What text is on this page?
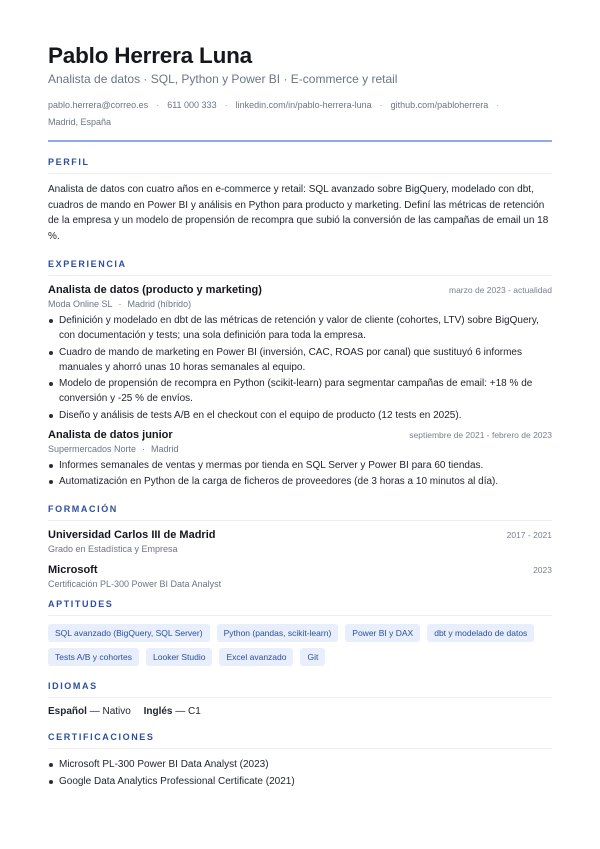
Pablo Herrera Luna
Analista de datos · SQL, Python y Power BI · E-commerce y retail
pablo.herrera@correo.es · 611 000 333 · linkedin.com/in/pablo-herrera-luna · github.com/pabloherrera ·
Madrid, España
PERFIL

Analista de datos con cuatro años en e-commerce y retail: SQL avanzado sobre BigQuery, modelado con dbt, cuadros de mando en Power BI y análisis en Python para producto y marketing. Definí las métricas de retención de la empresa y un modelo de propensión de recompra que subió la conversión de las campañas de email un 18 %.

EXPERIENCIA
Analista de datos (producto y marketing)	marzo de 2023 - actualidad
Moda Online SL · Madrid (híbrido)
Definición y modelado en dbt de las métricas de retención y valor de cliente (cohortes, LTV) sobre BigQuery, con documentación y tests; una sola definición para toda la empresa.
Cuadro de mando de marketing en Power BI (inversión, CAC, ROAS por canal) que sustituyó 6 informes manuales y ahorró unas 10 horas semanales al equipo.
Modelo de propensión de recompra en Python (scikit-learn) para segmentar campañas de email: +18 % de conversión y -25 % de envíos.
Diseño y análisis de tests A/B en el checkout con el equipo de producto (12 tests en 2025).
Analista de datos junior	septiembre de 2021 - febrero de 2023
Supermercados Norte · Madrid
Informes semanales de ventas y mermas por tienda en SQL Server y Power BI para 60 tiendas.
Automatización en Python de la carga de ficheros de proveedores (de 3 horas a 10 minutos al día).
FORMACIÓN
Universidad Carlos III de Madrid	2017 - 2021
Grado en Estadística y Empresa
Microsoft	2023
Certificación PL-300 Power BI Data Analyst
APTITUDES
SQL avanzado (BigQuery, SQL Server)	Python (pandas, scikit-learn)	Power BI y DAX	dbt y modelado de datos
Tests A/B y cohortes	Looker Studio	Excel avanzado	Git
IDIOMAS
Español — Nativo Inglés — C1
CERTIFICACIONES
Microsoft PL-300 Power BI Data Analyst (2023)
Google Data Analytics Professional Certificate (2021)
